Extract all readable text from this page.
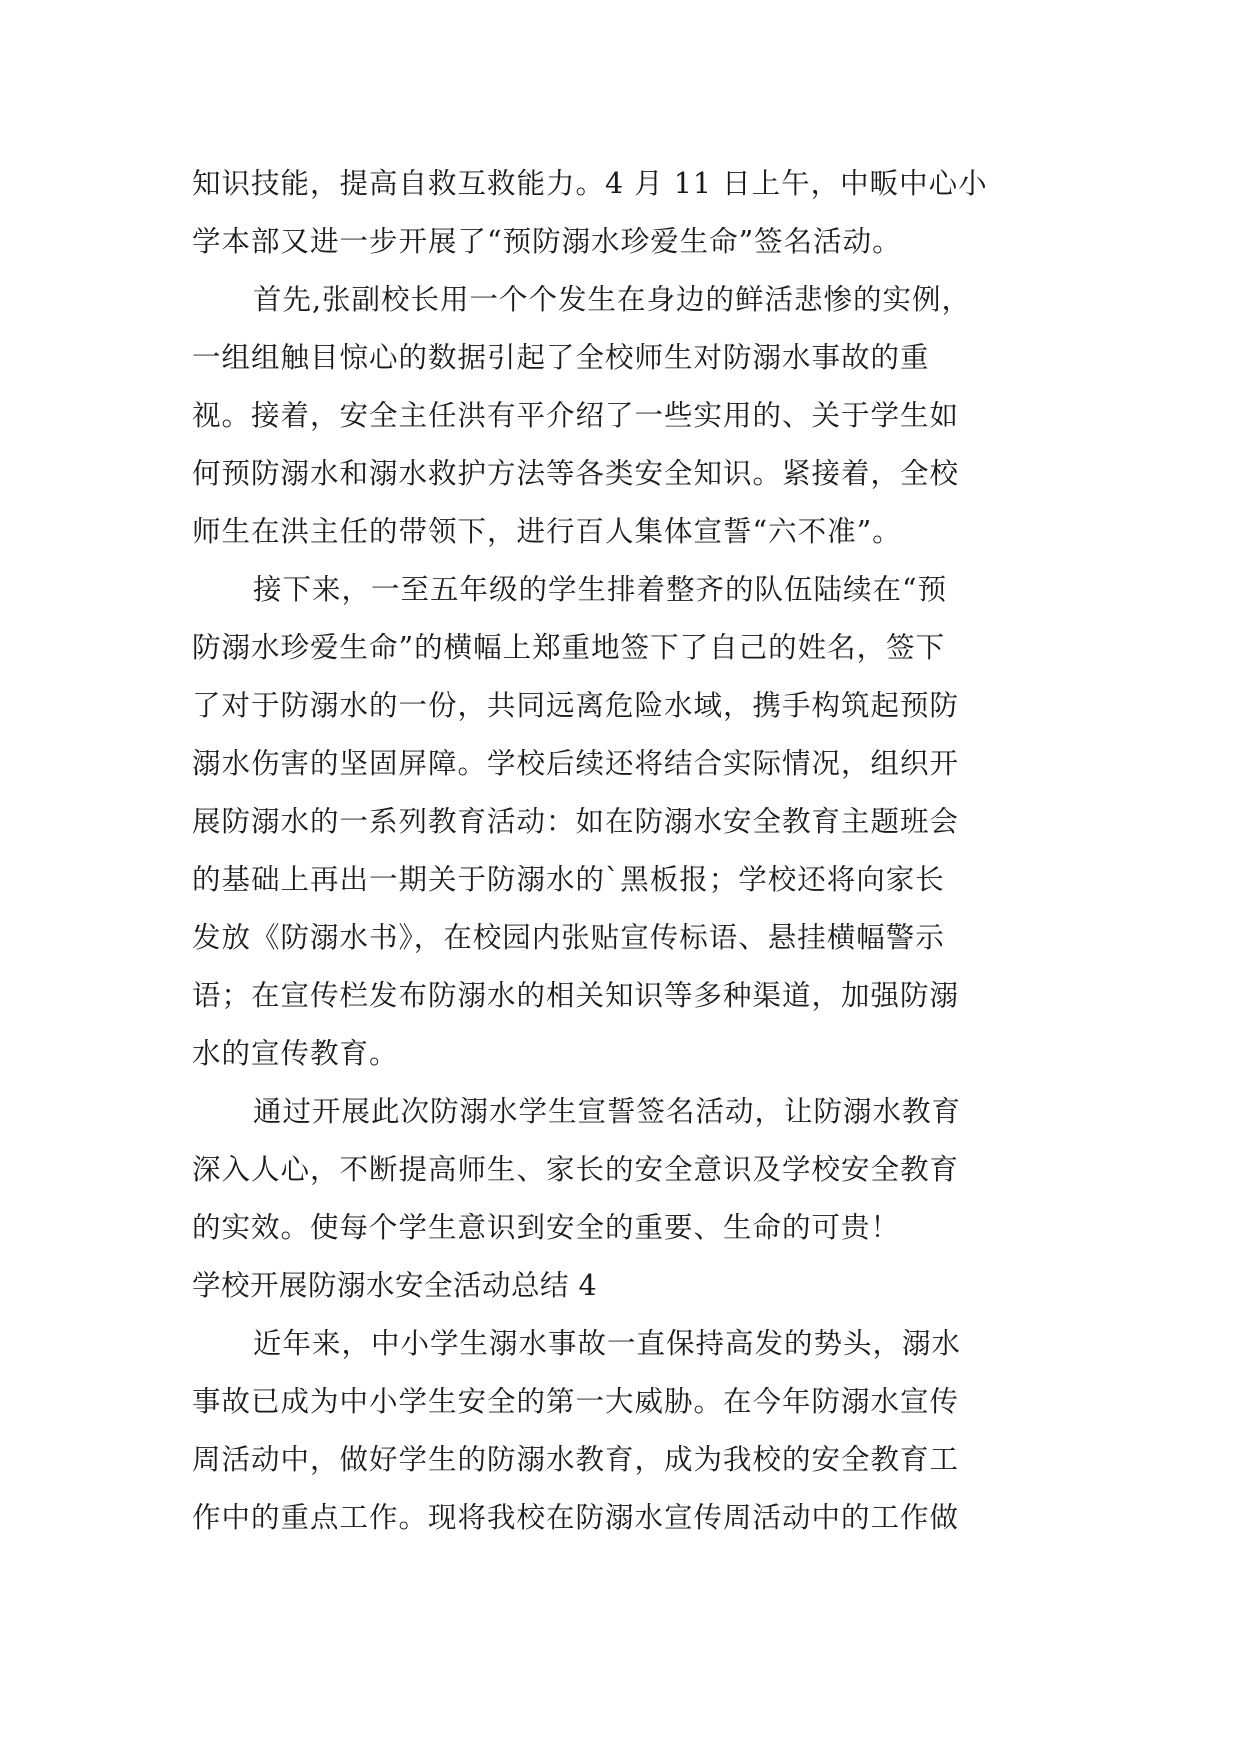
知识技能，提高自救互救能力。4 月 11 日上午，中畈中心小
学本部又进一步开展了“预防溺水珍爱生命”签名活动。
首先,张副校长用一个个发生在身边的鲜活悲惨的实例，
一组组触目惊心的数据引起了全校师生对防溺水事故的重
视。接着，安全主任洪有平介绍了一些实用的、关于学生如
何预防溺水和溺水救护方法等各类安全知识。紧接着，全校
师生在洪主任的带领下，进行百人集体宣誓“六不准”。
接下来，一至五年级的学生排着整齐的队伍陆续在“预
防溺水珍爱生命”的横幅上郑重地签下了自己的姓名，签下
了对于防溺水的一份，共同远离危险水域，携手构筑起预防
溺水伤害的坚固屏障。学校后续还将结合实际情况，组织开
展防溺水的一系列教育活动：如在防溺水安全教育主题班会
的基础上再出一期关于防溺水的`黑板报；学校还将向家长
发放《防溺水书》，在校园内张贴宣传标语、悬挂横幅警示
语；在宣传栏发布防溺水的相关知识等多种渠道，加强防溺
水的宣传教育。
通过开展此次防溺水学生宣誓签名活动，让防溺水教育
深入人心，不断提高师生、家长的安全意识及学校安全教育
的实效。使每个学生意识到安全的重要、生命的可贵！
学校开展防溺水安全活动总结 4
近年来，中小学生溺水事故一直保持高发的势头，溺水
事故已成为中小学生安全的第一大威胁。在今年防溺水宣传
周活动中，做好学生的防溺水教育，成为我校的安全教育工
作中的重点工作。现将我校在防溺水宣传周活动中的工作做
